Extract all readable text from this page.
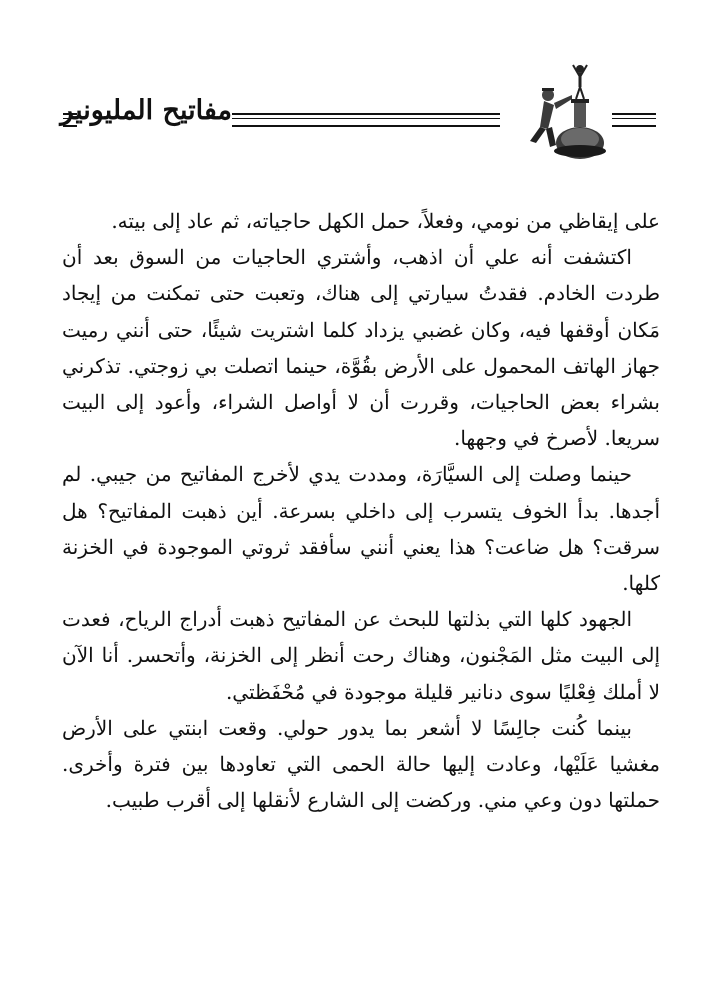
مفاتيح المليونير

على إيقاظي من نومي، وفعلاً، حمل الكهل حاجياته، ثم عاد إلى بيته.

اكتشفت أنه علي أن اذهب، وأشتري الحاجيات من السوق بعد أن طردت الخادم. فقدتُ سيارتي إلى هناك، وتعبت حتى تمكنت من إيجاد مَكان أوقفها فيه، وكان غضبي يزداد كلما اشتريت شيئًا، حتى أنني رميت جهاز الهاتف المحمول على الأرض بقُوَّة، حينما اتصلت بي زوجتي. تذكرني بشراء بعض الحاجيات، وقررت أن لا أواصل الشراء، وأعود إلى البيت سريعا. لأصرخ في وجهها.

حينما وصلت إلى السيَّارَة، ومددت يدي لأخرج المفاتيح من جيبي. لم أجدها. بدأ الخوف يتسرب إلى داخلي بسرعة. أين ذهبت المفاتيح؟ هل سرقت؟ هل ضاعت؟ هذا يعني أنني سأفقد ثروتي الموجودة في الخزنة كلها.

الجهود كلها التي بذلتها للبحث عن المفاتيح ذهبت أدراج الرياح، فعدت إلى البيت مثل المَجْنون، وهناك رحت أنظر إلى الخزنة، وأتحسر. أنا الآن لا أملك فِعْليًا سوى دنانير قليلة موجودة في مُحْفَظتي.

بينما كُنت جالِسًا لا أشعر بما يدور حولي. وقعت ابنتي على الأرض مغشيا عَلَيْها، وعادت إليها حالة الحمى التي تعاودها بين فترة وأخرى. حملتها دون وعي مني. وركضت إلى الشارع لأنقلها إلى أقرب طبيب.
